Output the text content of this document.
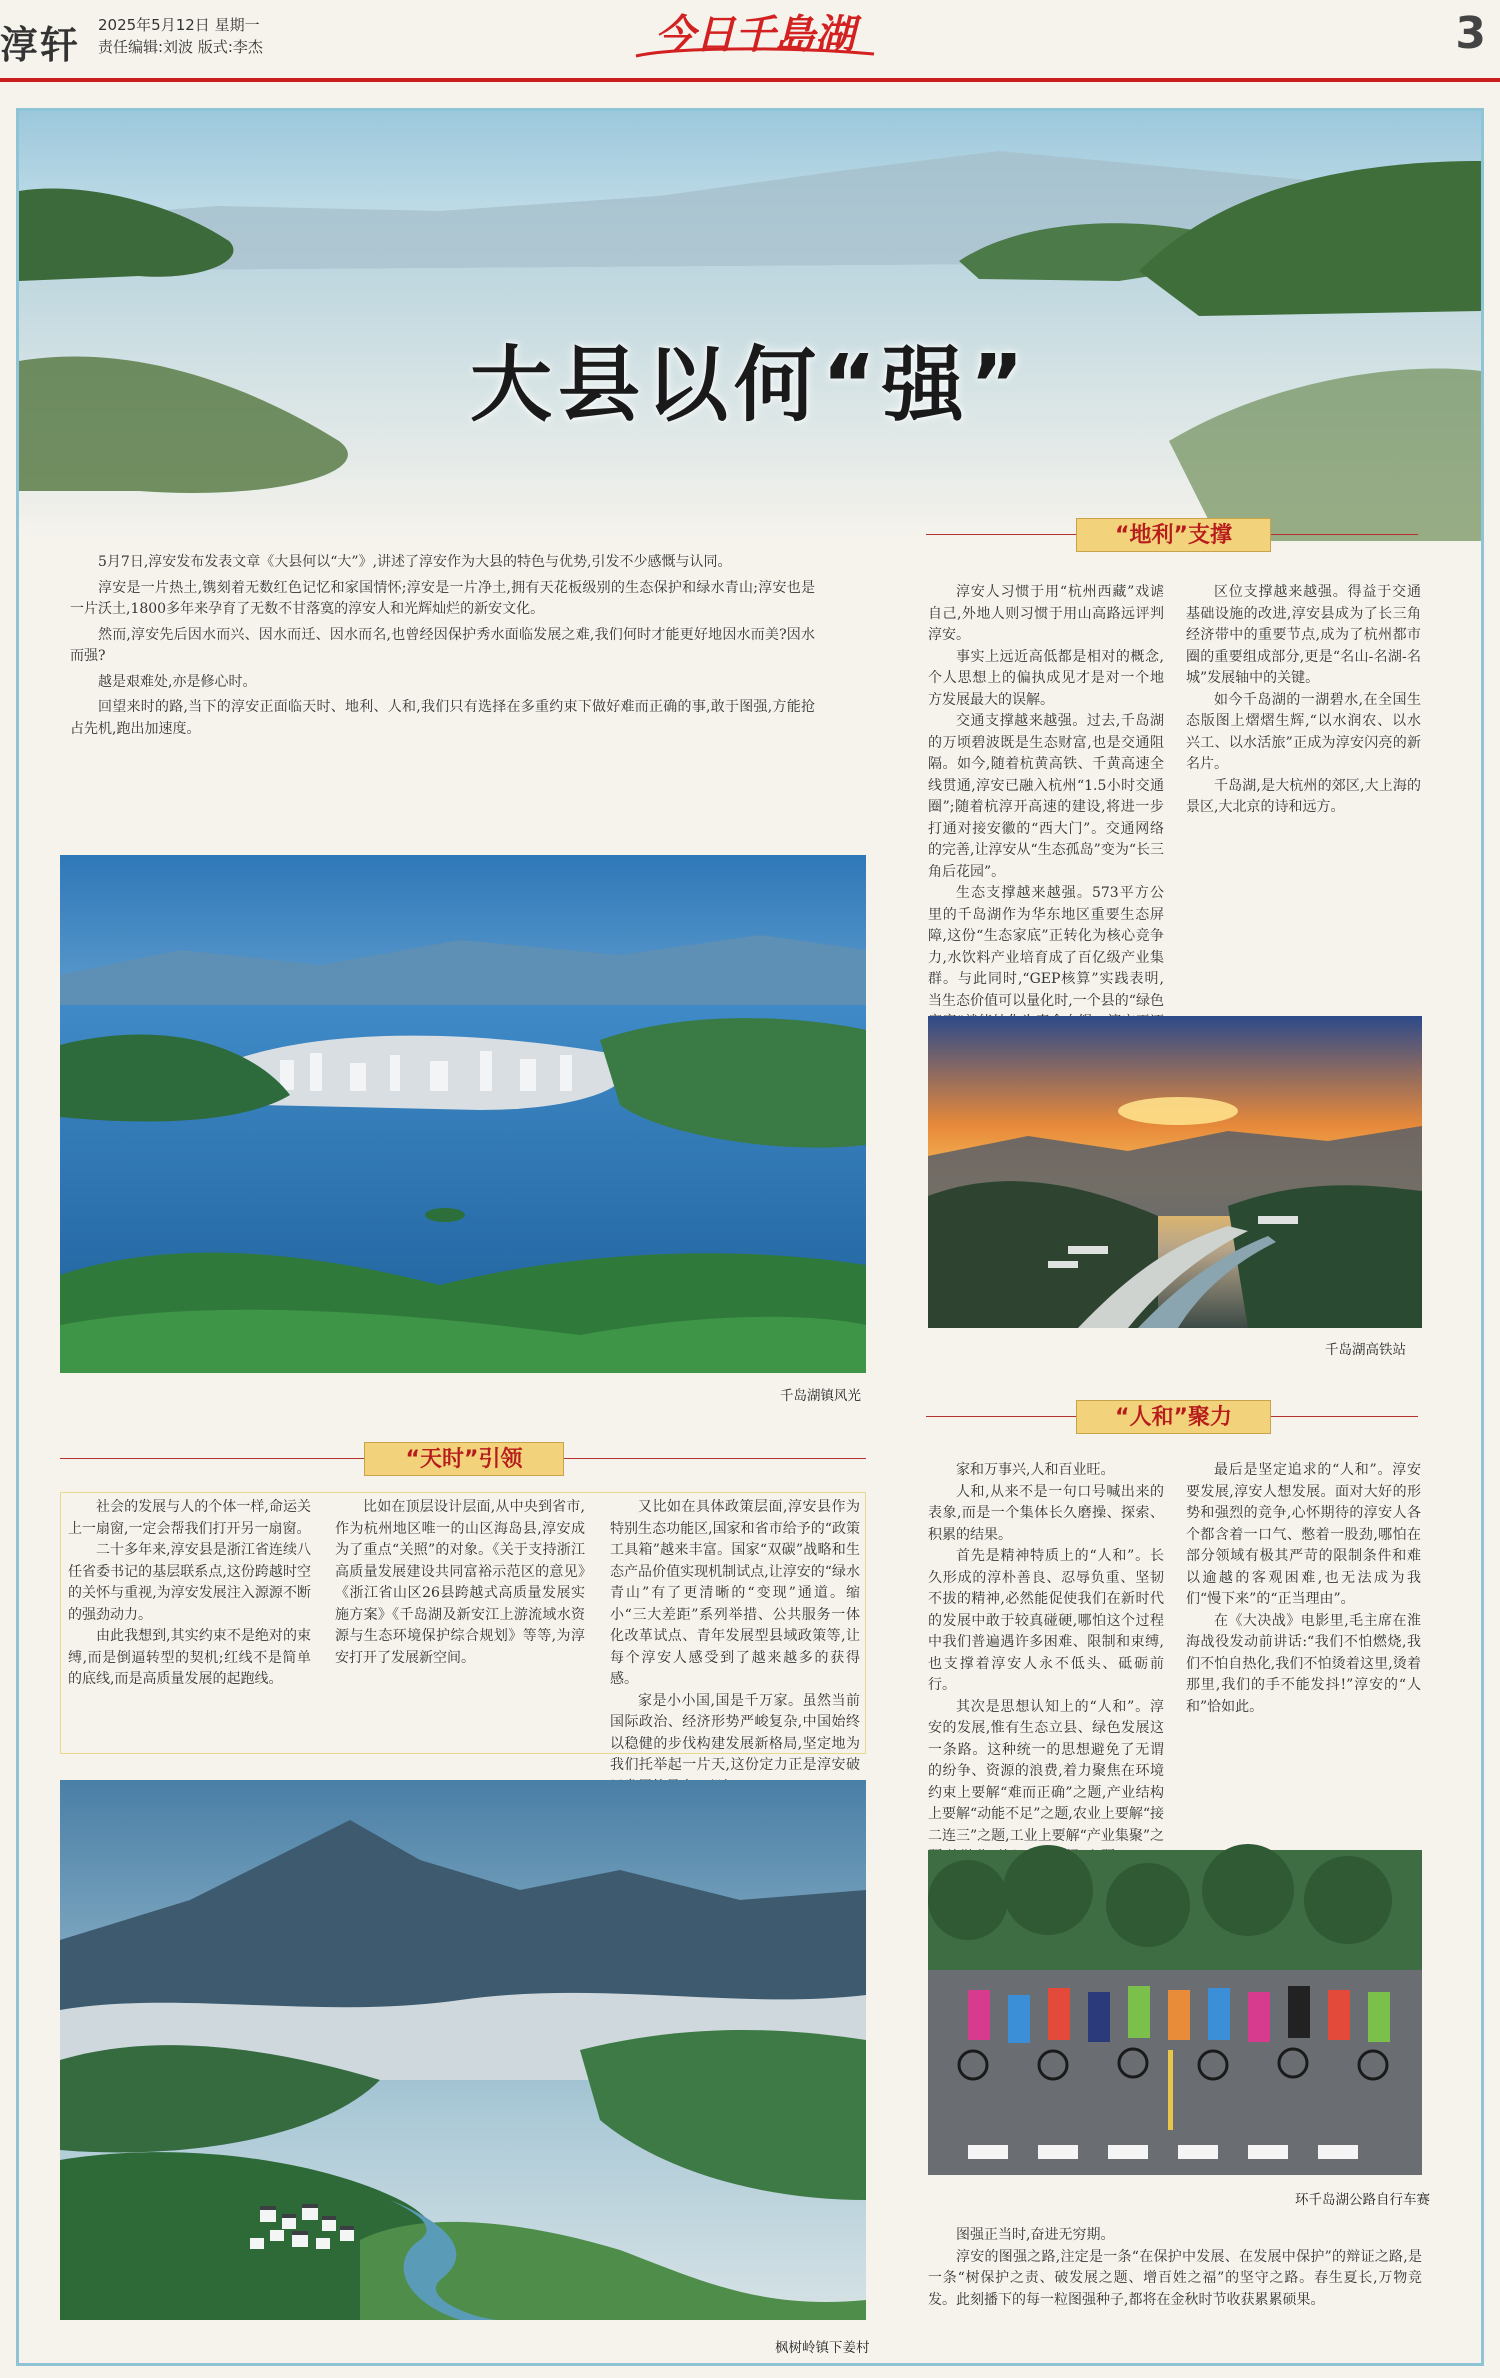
淳轩 2025年5月12日 星期一
责任编辑:刘波 版式:李杰	今日千島湖	3
大县以何“强”

5月7日,淳安发布发表文章《大县何以“大”》,讲述了淳安作为大县的特色与优势,引发不少感慨与认同。

淳安是一片热土,镌刻着无数红色记忆和家国情怀;淳安是一片净土,拥有天花板级别的生态保护和绿水青山;淳安也是一片沃土,1800多年来孕育了无数不甘落寞的淳安人和光辉灿烂的新安文化。

然而,淳安先后因水而兴、因水而迁、因水而名,也曾经因保护秀水面临发展之难,我们何时才能更好地因水而美?因水而强?

越是艰难处,亦是修心时。

回望来时的路,当下的淳安正面临天时、地利、人和,我们只有选择在多重约束下做好难而正确的事,敢于图强,方能抢占先机,跑出加速度。

千岛湖镇风光
“天时”引领

社会的发展与人的个体一样,命运关上一扇窗,一定会帮我们打开另一扇窗。

二十多年来,淳安县是浙江省连续八任省委书记的基层联系点,这份跨越时空的关怀与重视,为淳安发展注入源源不断的强劲动力。

由此我想到,其实约束不是绝对的束缚,而是倒逼转型的契机;红线不是简单的底线,而是高质量发展的起跑线。

比如在顶层设计层面,从中央到省市,作为杭州地区唯一的山区海岛县,淳安成为了重点“关照”的对象。《关于支持浙江高质量发展建设共同富裕示范区的意见》《浙江省山区26县跨越式高质量发展实施方案》《千岛湖及新安江上游流域水资源与生态环境保护综合规划》等等,为淳安打开了发展新空间。

又比如在具体政策层面,淳安县作为特别生态功能区,国家和省市给予的“政策工具箱”越来丰富。国家“双碳”战略和生态产品价值实现机制试点,让淳安的“绿水青山”有了更清晰的“变现”通道。缩小“三大差距”系列举措、公共服务一体化改革试点、青年发展型县域政策等,让每个淳安人感受到了越来越多的获得感。

家是小小国,国是千万家。虽然当前国际政治、经济形势严峻复杂,中国始终以稳健的步伐构建发展新格局,坚定地为我们托举起一片天,这份定力正是淳安破

枫树岭镇下姜村
“地利”支撑

淳安人习惯于用“杭州西藏”戏谑自己,外地人则习惯于用山高路远评判淳安。

事实上远近高低都是相对的概念,个人思想上的偏执成见才是对一个地方发展最大的误解。

交通支撑越来越强。过去,千岛湖的万顷碧波既是生态财富,也是交通阻隔。如今,随着杭黄高铁、千黄高速全线贯通,淳安已融入杭州“1.5小时交通圈”;随着杭淳开高速的建设,将进一步打通对接安徽的“西大门”。交通网络的完善,让淳安从“生态孤岛”变为“长三角后花园”。

生态支撑越来越强。573平方公里的千岛湖作为华东地区重要生态屏障,这份“生态家底”正转化为核心竞争力,水饮料产业培育成了百亿级产业集群。与此同时,“GEP核算”实践表明,当生态价值可以量化时,一个县的“绿色

区位支撑越来越强。得益于交通基础设施的改进,淳安县成为了长三角经济带中的重要节点,成为了杭州都市圈的重要组成部分,更是“名山-名湖-名城”发展轴中的关键。

如今千岛湖的一湖碧水,在全国生态版图上熠熠生辉,“以水润农、以水兴工、以水活旅”正成为淳安闪亮的新名片。

千岛湖,是大杭州的郊区,大上海的景区,大北京的诗和远方。

千岛湖高铁站
“人和”聚力

家和万事兴,人和百业旺。

人和,从来不是一句口号喊出来的表象,而是一个集体长久磨操、探索、积累的结果。

首先是精神特质上的“人和”。长久形成的淳朴善良、忍辱负重、坚韧不拔的精神,必然能促使我们在新时代的发展中敢于较真碰硬,哪怕这个过程中我们普遍遇许多困难、限制和束缚,也支撑着淳安人永不低头、砥砺前行。

其次是思想认知上的“人和”。淳安的发展,惟有生态立县、绿色发展这一条路。这种统一的思想避免了无谓的纷争、资源的浪费,着力聚焦在环境约束上要解“难而正确”之题,产业结构上要解“动能不足”之题,农业上要解“接二连三”之题,工业上要解“产业集聚”之

最后是坚定追求的“人和”。淳安要发展,淳安人想发展。面对大好的形势和强烈的竞争,心怀期待的淳安人各个都含着一口气、憋着一股劲,哪怕在部分领域有极其严苛的限制条件和难以逾越的客观困难,也无法成为我们“慢下来”的“正当理由”。

在《大决战》电影里,毛主席在淮海战役发动前讲话:“我们不怕燃烧,我们不怕自热化,我们不怕烫着这里,烫着那里,我们的手不能发抖!”淳安的“人和”恰如此。

环千岛湖公路自行车赛

图强正当时,奋进无穷期。

淳安的图强之路,注定是一条“在保护中发展、在发展中保护”的辩证之路,是一条“树保护之责、破发展之题、增百姓之福”的坚守之路。春生夏长,万物竞发。此刻播下的每一粒图强种子,都将在金秋时节收获累累硕果。
